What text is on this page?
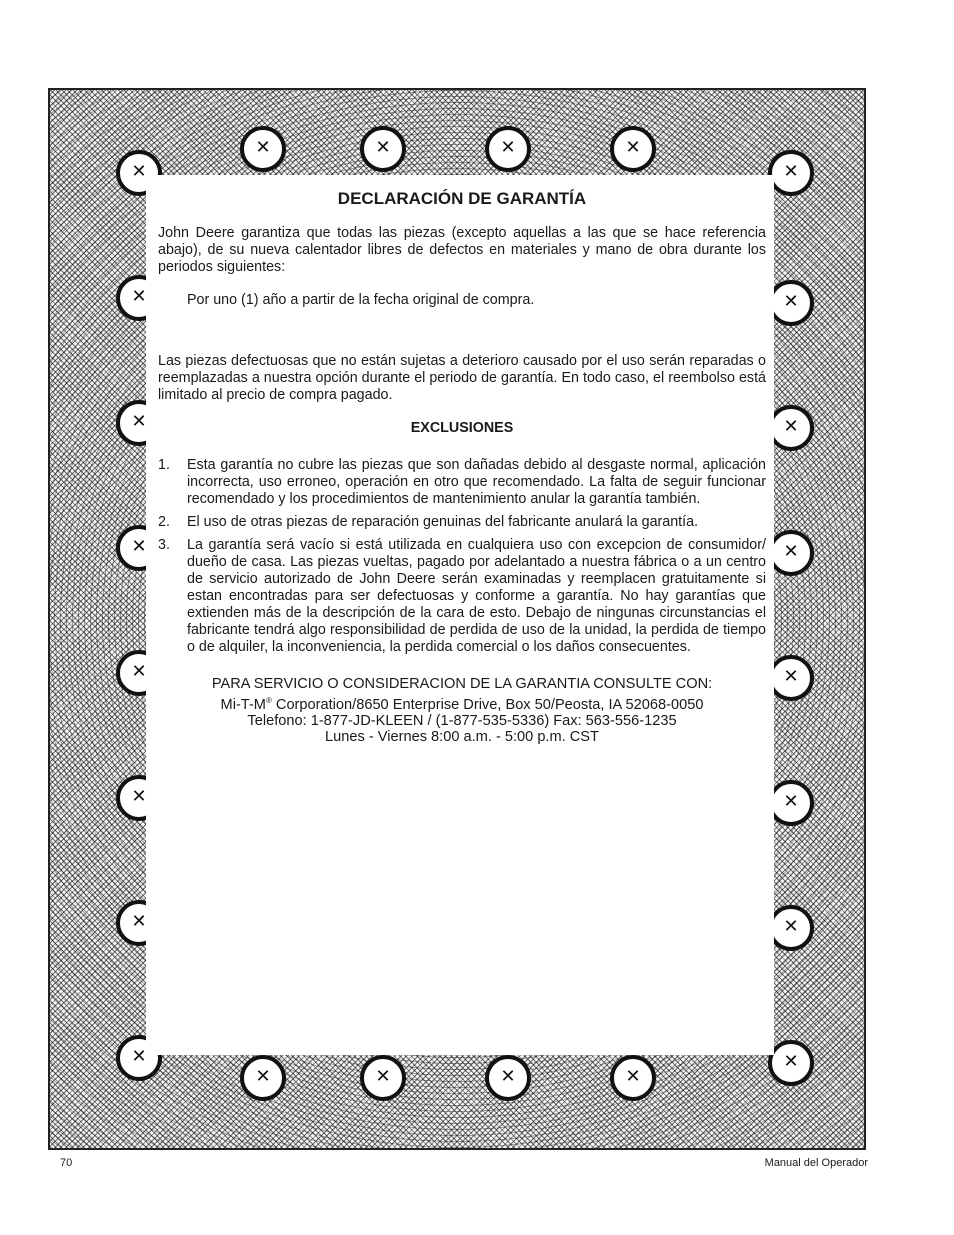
✕
✕
✕
✕
✕
✕
✕
✕
✕
✕
✕
✕
✕
✕
✕
✕
✕
✕
✕
✕
✕
✕
✕
✕
DECLARACIÓN DE GARANTÍA

John Deere garantiza que todas las piezas (excepto aquellas a las que se hace referencia abajo), de su nueva calentador libres de defectos en materiales y mano de obra durante los periodos siguientes:

Por uno (1) año a partir de la fecha original de compra.

Las piezas defectuosas que no están sujetas a deterioro causado por el uso serán reparadas o reemplazadas a nuestra opción durante el periodo de garantía. En todo caso, el reembolso está limitado al precio de compra pagado.

EXCLUSIONES
1. Esta garantía no cubre las piezas que son dañadas debido al desgaste normal, aplicación incorrecta, uso erroneo, operación en otro que recomendado. La falta de seguir funcionar recomendado y los procedimientos de mantenimiento anular la garantía también.
2. El uso de otras piezas de reparación genuinas del fabricante anulará la garantía.
3. La garantía será vacío si está utilizada en cualquiera uso con excepcion de consumidor/ dueño de casa. Las piezas vueltas, pagado por adelantado a nuestra fábrica o a un centro de servicio autorizado de John Deere serán examinadas y reemplacen gratuitamente si estan encontradas para ser defectuosas y conforme a garantía. No hay garantías que extienden más de la descripción de la cara de esto. Debajo de ningunas circunstancias el fabricante tendrá algo responsibilidad de perdida de uso de la unidad, la perdida de tiempo o de alquiler, la inconveniencia, la perdida comercial o los daños consecuentes.
PARA SERVICIO O CONSIDERACION DE LA GARANTIA CONSULTE CON:
Mi-T-M® Corporation/8650 Enterprise Drive, Box 50/Peosta, IA 52068-0050
Telefono: 1-877-JD-KLEEN / (1-877-535-5336) Fax: 563-556-1235
Lunes - Viernes 8:00 a.m. - 5:00 p.m. CST
70	Manual del Operador
